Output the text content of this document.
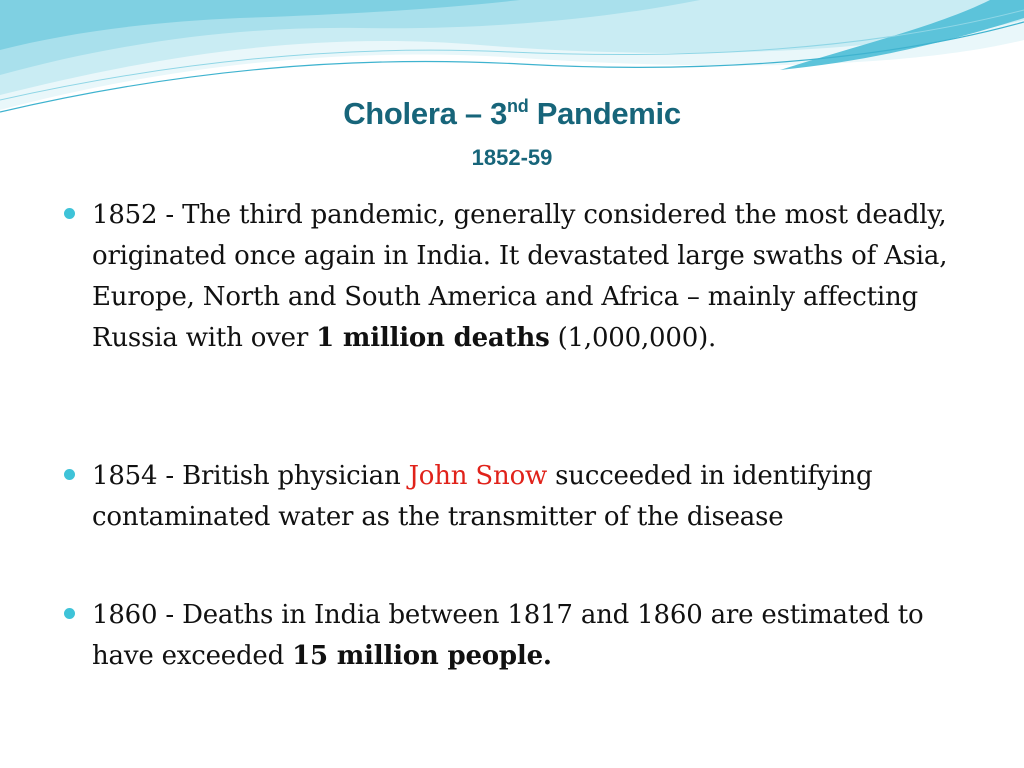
Cholera – 3nd Pandemic
1852-59
1852 - The third pandemic, generally considered the most deadly, originated once again in India. It devastated large swaths of Asia, Europe, North and South America and Africa – mainly affecting Russia with over 1 million deaths (1,000,000).
1854 - British physician John Snow succeeded in identifying contaminated water as the transmitter of the disease
1860 - Deaths in India between 1817 and 1860 are estimated to have exceeded 15 million people.
